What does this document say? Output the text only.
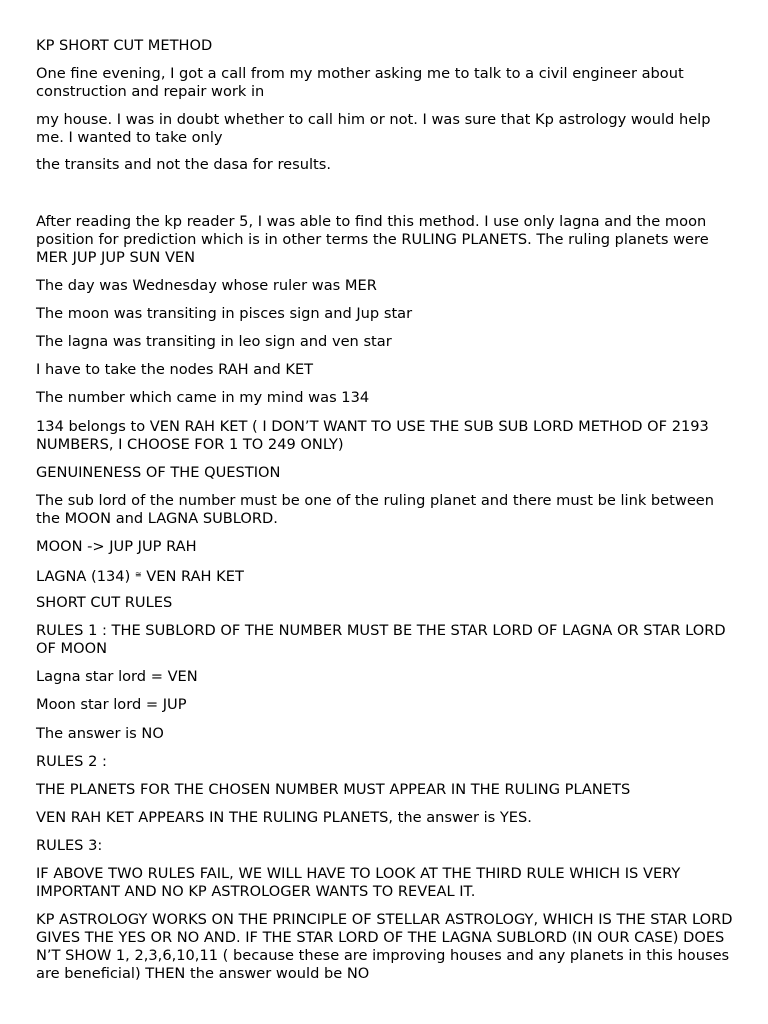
KP SHORT CUT METHOD

One fine evening, I got a call from my mother asking me to talk to a civil engineer about construction and repair work in

my house. I was in doubt whether to call him or not. I was sure that Kp astrology would help me. I wanted to take only

the transits and not the dasa for results.

After reading the kp reader 5, I was able to find this method. I use only lagna and the moon position for prediction which is in other terms the RULING PLANETS. The ruling planets were MER JUP JUP SUN VEN

The day was Wednesday whose ruler was MER

The moon was transiting in pisces sign and Jup star

The lagna was transiting in leo sign and ven star

I have to take the nodes RAH and KET

The number which came in my mind was 134

134 belongs to VEN RAH KET ( I DON’T WANT TO USE THE SUB SUB LORD METHOD OF 2193 NUMBERS, I CHOOSE FOR 1 TO 249 ONLY)

GENUINENESS OF THE QUESTION

The sub lord of the number must be one of the ruling planet and there must be link between the MOON and LAGNA SUBLORD.

MOON -> JUP JUP RAH

LAGNA (134) ≅ VEN RAH KET

SHORT CUT RULES

RULES 1 : THE SUBLORD OF THE NUMBER MUST BE THE STAR LORD OF LAGNA OR STAR LORD OF MOON

Lagna star lord = VEN

Moon star lord = JUP

The answer is NO

RULES 2 :

THE PLANETS FOR THE CHOSEN NUMBER MUST APPEAR IN THE RULING PLANETS

VEN RAH KET APPEARS IN THE RULING PLANETS, the answer is YES.

RULES 3:

IF ABOVE TWO RULES FAIL, WE WILL HAVE TO LOOK AT THE THIRD RULE WHICH IS VERY IMPORTANT AND NO KP ASTROLOGER WANTS TO REVEAL IT.

KP ASTROLOGY WORKS ON THE PRINCIPLE OF STELLAR ASTROLOGY, WHICH IS THE STAR LORD GIVES THE YES OR NO AND. IF THE STAR LORD OF THE LAGNA SUBLORD (IN OUR CASE) DOES N’T SHOW 1, 2,3,6,10,11 ( because these are improving houses and any planets in this houses are beneficial) THEN the answer would be NO
